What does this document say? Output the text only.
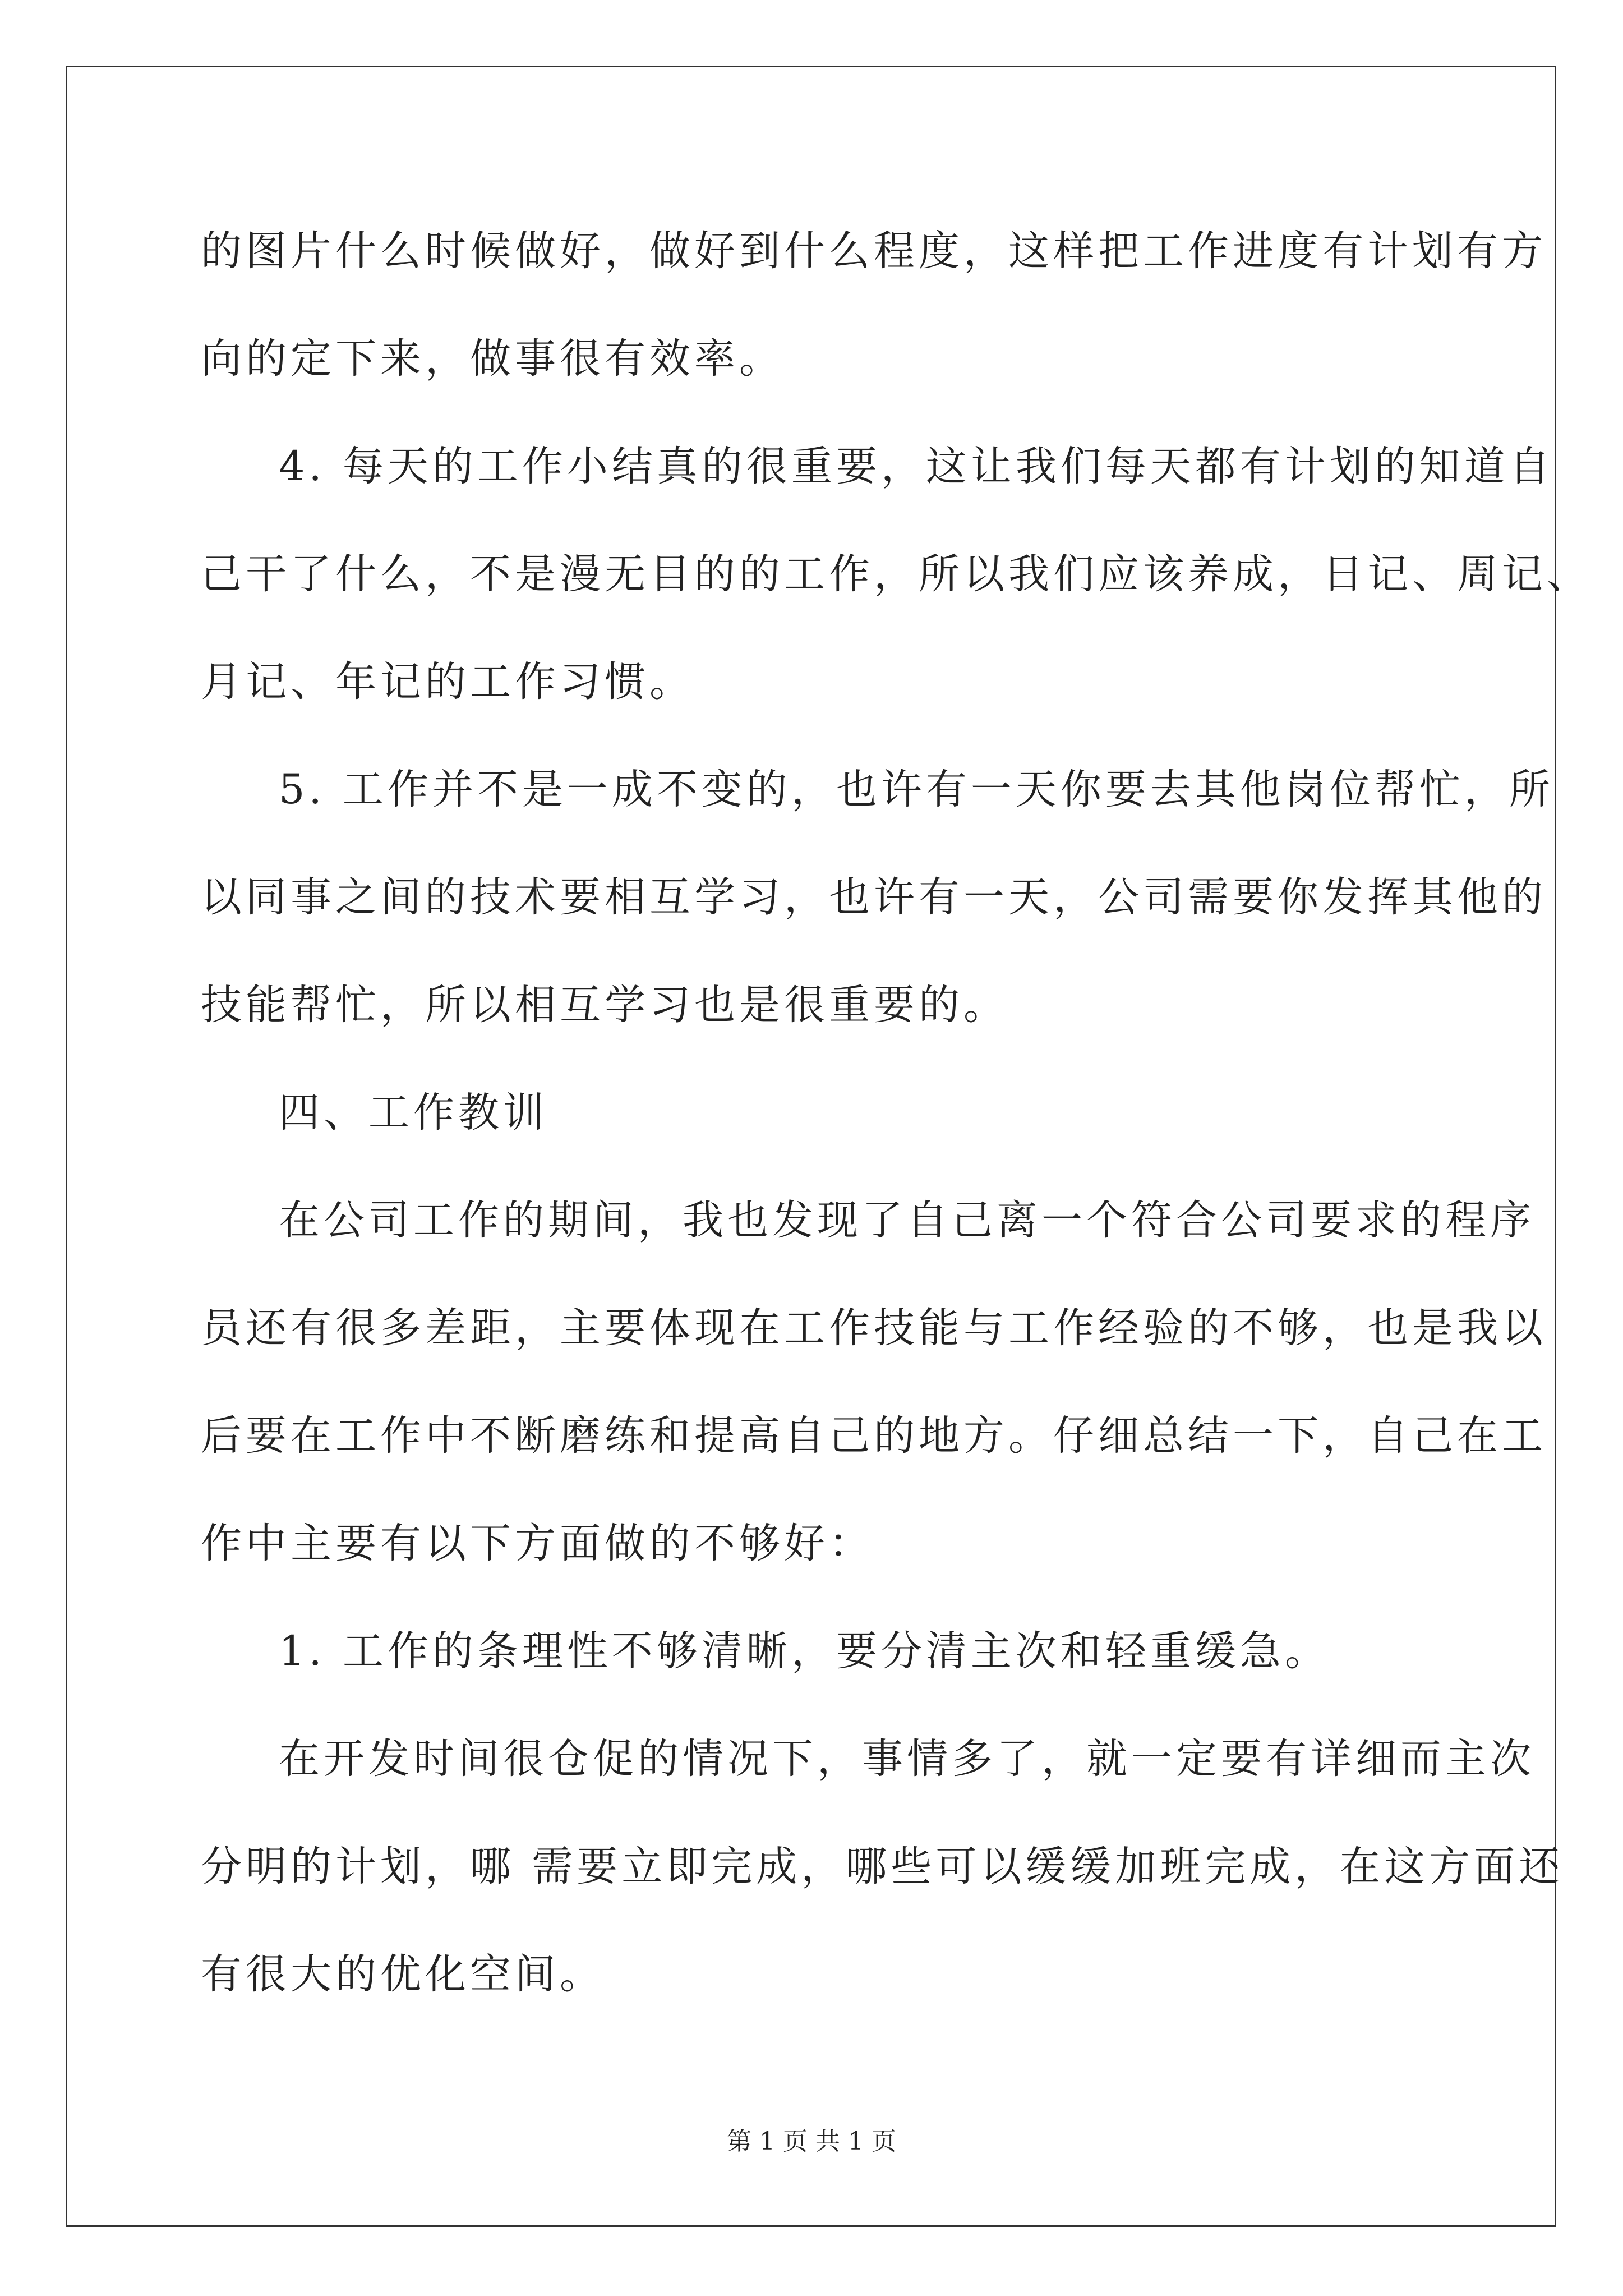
的图片什么时候做好，做好到什么程度，这样把工作进度有计划有方
向的定下来，做事很有效率。
4. 每天的工作小结真的很重要，这让我们每天都有计划的知道自
己干了什么，不是漫无目的的工作，所以我们应该养成，日记、周记、
月记、年记的工作习惯。
5. 工作并不是一成不变的，也许有一天你要去其他岗位帮忙，所
以同事之间的技术要相互学习，也许有一天，公司需要你发挥其他的
技能帮忙，所以相互学习也是很重要的。
四、工作教训
在公司工作的期间，我也发现了自己离一个符合公司要求的程序
员还有很多差距，主要体现在工作技能与工作经验的不够，也是我以
后要在工作中不断磨练和提高自己的地方。仔细总结一下，自己在工
作中主要有以下方面做的不够好：
1. 工作的条理性不够清晰，要分清主次和轻重缓急。
在开发时间很仓促的情况下，事情多了，就一定要有详细而主次
分明的计划，哪 需要立即完成，哪些可以缓缓加班完成，在这方面还
有很大的优化空间。
第 1 页 共 1 页
